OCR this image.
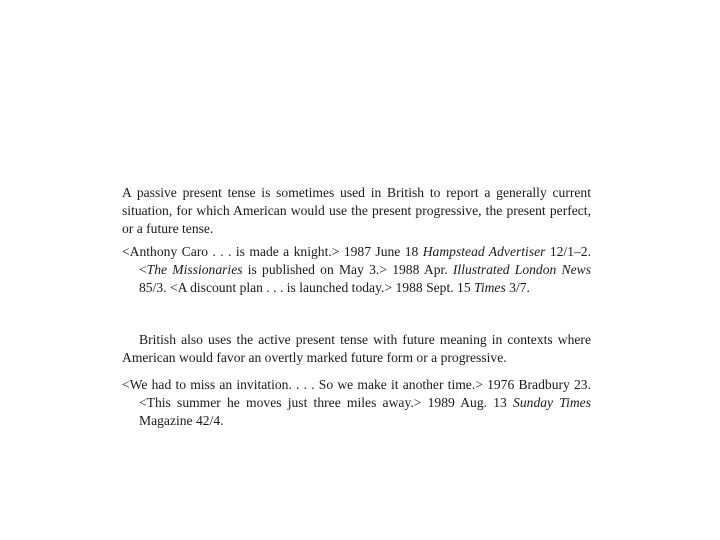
A passive present tense is sometimes used in British to report a generally current situation, for which American would use the present progressive, the present perfect, or a future tense.

<Anthony Caro . . . is made a knight.> 1987 June 18 Hampstead Advertiser 12/1–2. <The Missionaries is published on May 3.> 1988 Apr. Illustrated London News 85/3. <A discount plan . . . is launched today.> 1988 Sept. 15 Times 3/7.

British also uses the active present tense with future meaning in contexts where American would favor an overtly marked future form or a progressive.

<We had to miss an invitation. . . . So we make it another time.> 1976 Bradbury 23. <This summer he moves just three miles away.> 1989 Aug. 13 Sunday Times Magazine 42/4.
